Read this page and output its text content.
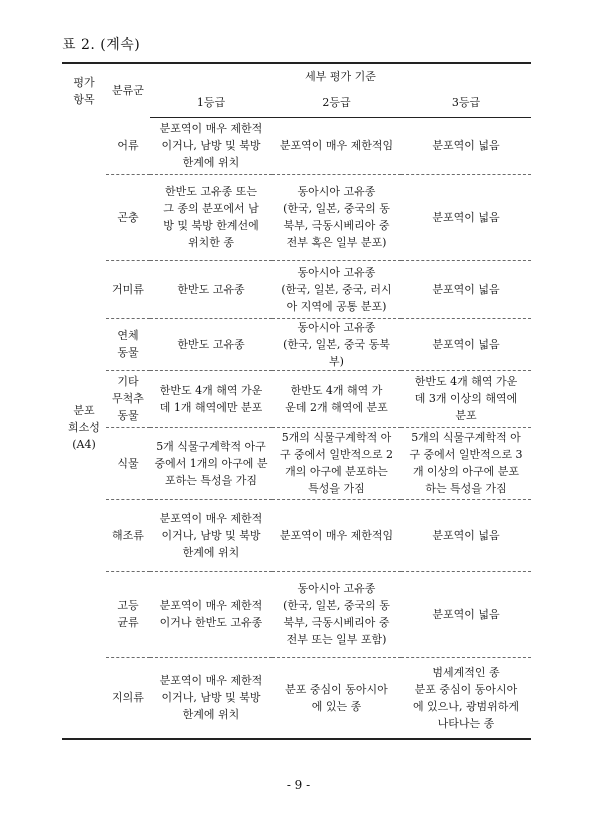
표 2. (계속)
평가
항목	분류군	세부 평가 기준		
		1등급	2등급	3등급

분포
희소성
(A4)	어류	분포역이 매우 제한적
이거나, 남방 및 북방
한계에 위치	분포역이 매우 제한적임	분포역이 넓음

	곤충	한반도 고유종 또는
그 종의 분포에서 남
방 및 북방 한계선에
위치한 종	동아시아 고유종
(한국, 일본, 중국의 동
북부, 극동시베리아 중
전부 혹은 일부 분포)	분포역이 넓음

	거미류	한반도 고유종	동아시아 고유종
(한국, 일본, 중국, 러시
아 지역에 공통 분포)	분포역이 넓음

	연체
동물	한반도 고유종	동아시아 고유종
(한국, 일본, 중국 동북부)	분포역이 넓음

	기타
무척추
동물	한반도 4개 해역 가운
데 1개 해역에만 분포	한반도 4개 해역 가
운데 2개 해역에 분포	한반도 4개 해역 가운
데 3개 이상의 해역에
분포

	식물	5개 식물구계학적 아구
중에서 1개의 아구에 분
포하는 특성을 가짐	5개의 식물구계학적 아
구 중에서 일반적으로 2
개의 아구에 분포하는
특성을 가짐	5개의 식물구계학적 아
구 중에서 일반적으로 3
개 이상의 아구에 분포
하는 특성을 가짐

	해조류	분포역이 매우 제한적
이거나, 남방 및 북방
한계에 위치	분포역이 매우 제한적임	분포역이 넓음

	고등
균류	분포역이 매우 제한적
이거나 한반도 고유종	동아시아 고유종
(한국, 일본, 중국의 동
북부, 극동시베리아 중
전부 또는 일부 포함)	분포역이 넓음

	지의류	분포역이 매우 제한적
이거나, 남방 및 북방
한계에 위치	분포 중심이 동아시아
에 있는 종	범세계적인 종
분포 중심이 동아시아
에 있으나, 광범위하게
나타나는 종
- 9 -
